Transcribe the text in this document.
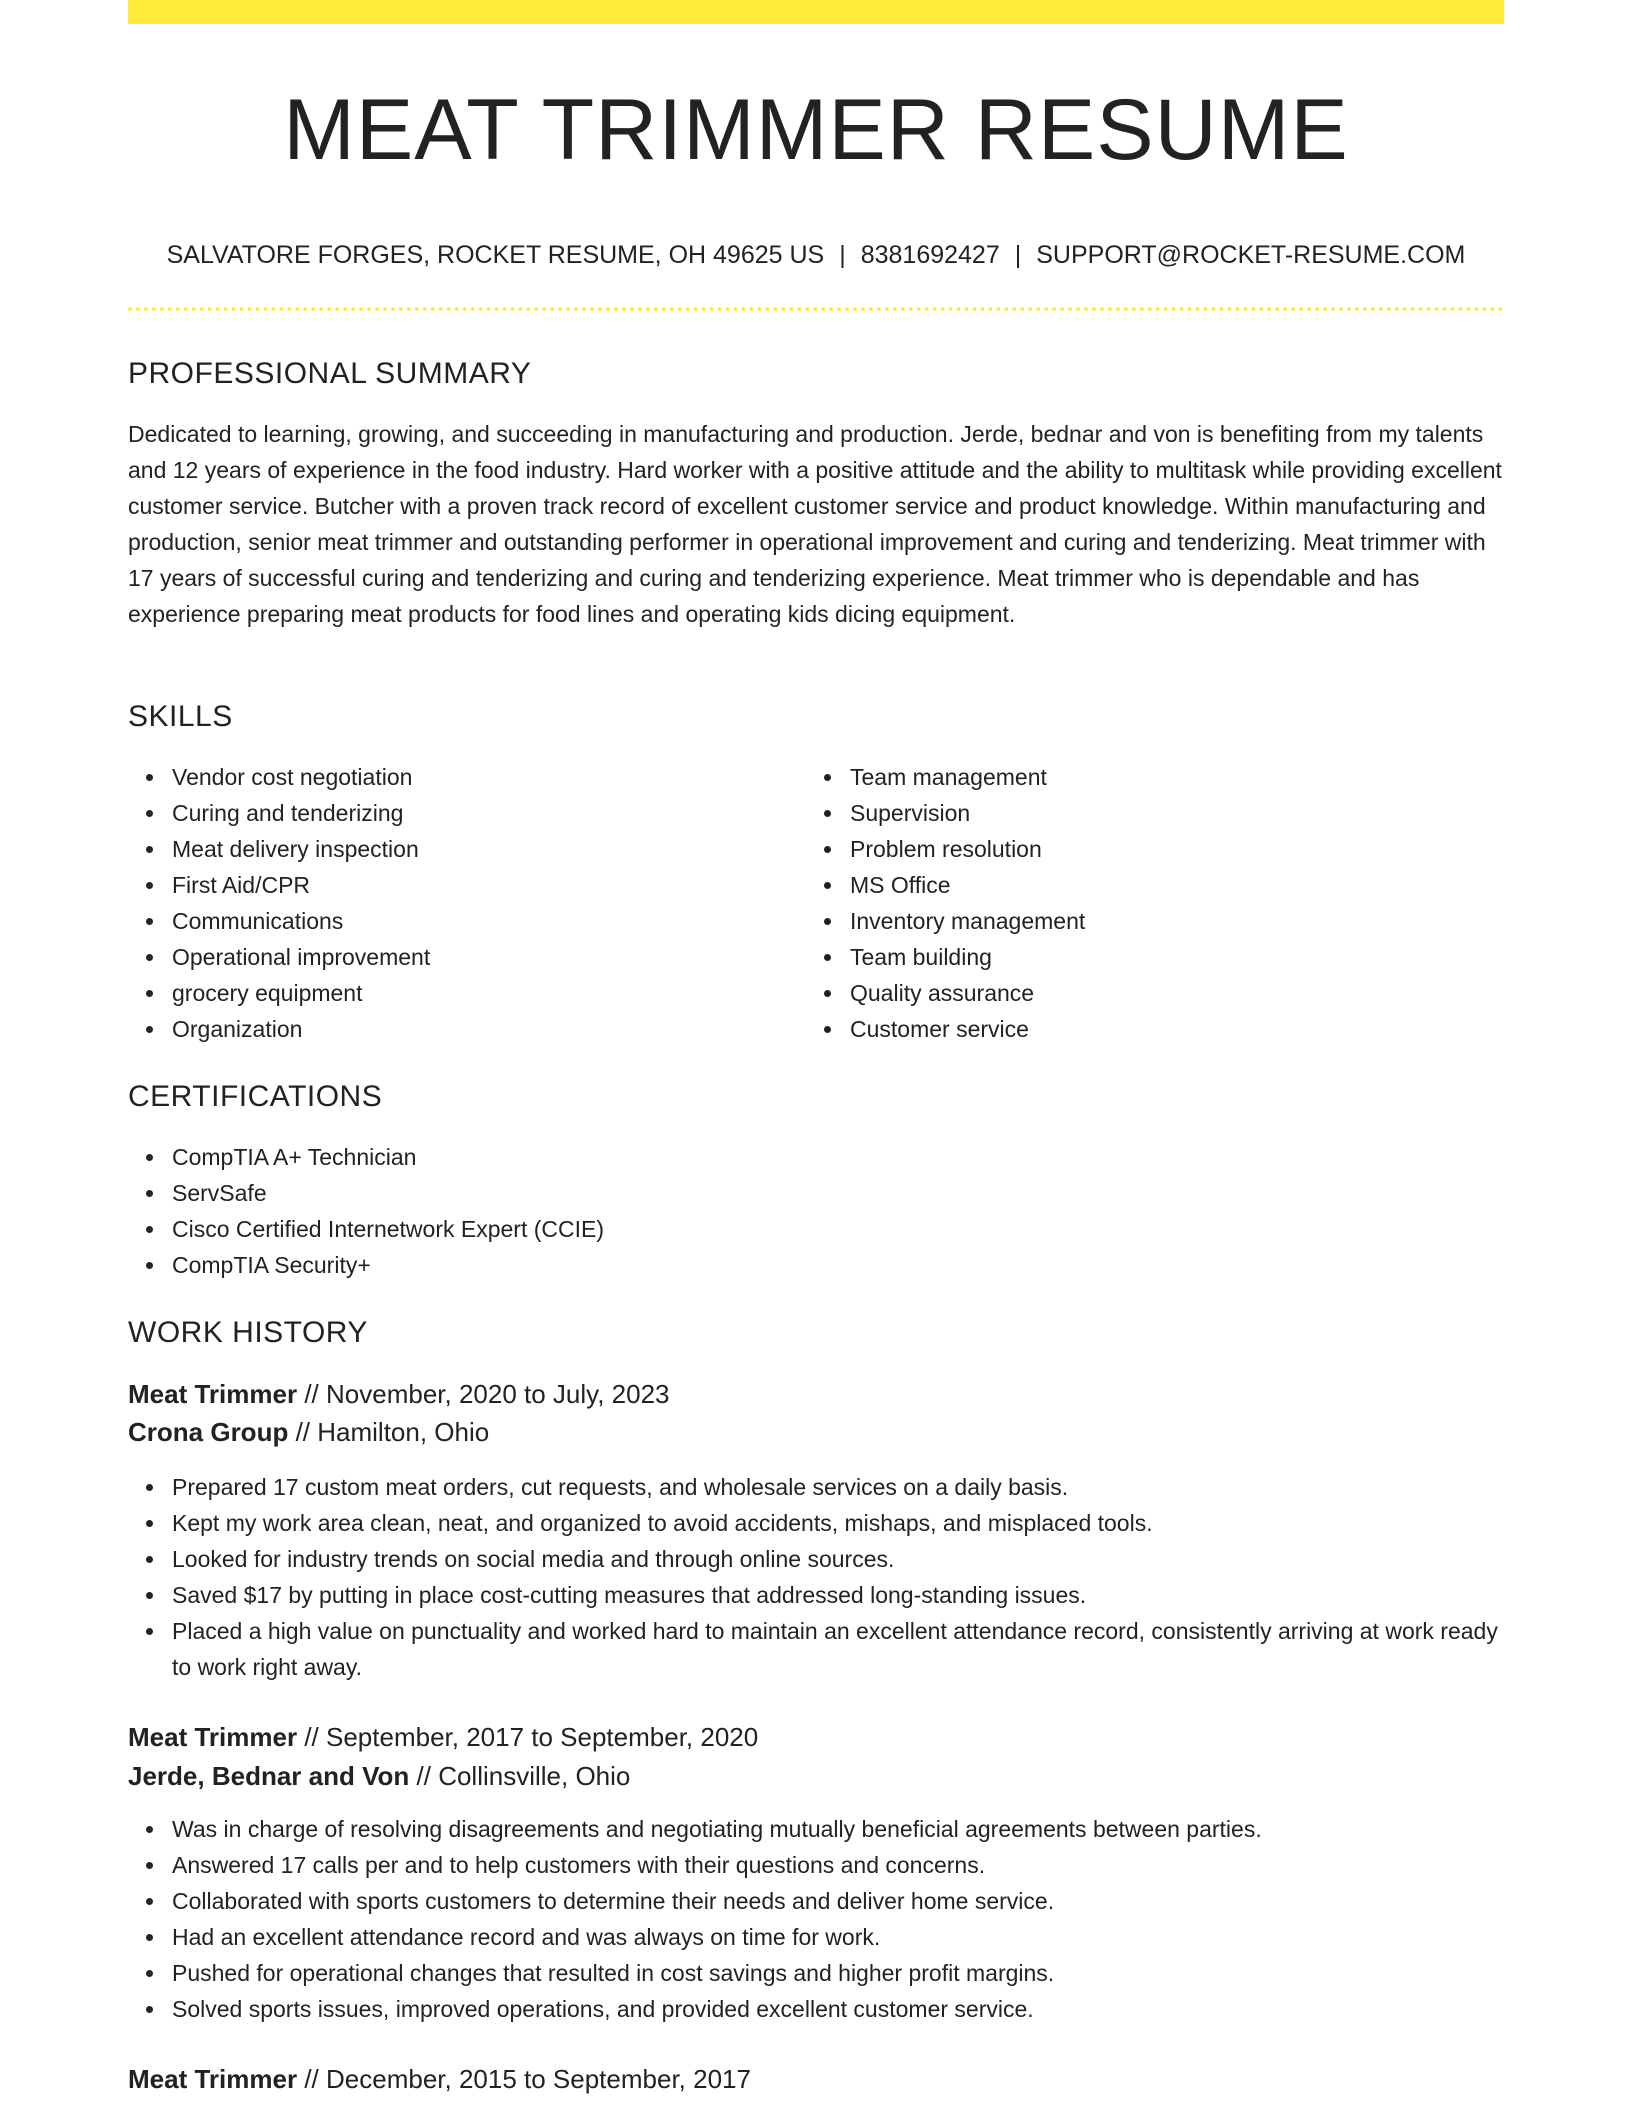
MEAT TRIMMER RESUME
SALVATORE FORGES, ROCKET RESUME, OH 49625 US | 8381692427 | SUPPORT@ROCKET-RESUME.COM
PROFESSIONAL SUMMARY

Dedicated to learning, growing, and succeeding in manufacturing and production. Jerde, bednar and von is benefiting from my talents and 12 years of experience in the food industry. Hard worker with a positive attitude and the ability to multitask while providing excellent customer service. Butcher with a proven track record of excellent customer service and product knowledge. Within manufacturing and production, senior meat trimmer and outstanding performer in operational improvement and curing and tenderizing. Meat trimmer with 17 years of successful curing and tenderizing and curing and tenderizing experience. Meat trimmer who is dependable and has experience preparing meat products for food lines and operating kids dicing equipment.

SKILLS
Vendor cost negotiation
Curing and tenderizing
Meat delivery inspection
First Aid/CPR
Communications
Operational improvement
grocery equipment
Organization
Team management
Supervision
Problem resolution
MS Office
Inventory management
Team building
Quality assurance
Customer service
CERTIFICATIONS
CompTIA A+ Technician
ServSafe
Cisco Certified Internetwork Expert (CCIE)
CompTIA Security+
WORK HISTORY
Meat Trimmer // November, 2020 to July, 2023
Crona Group // Hamilton, Ohio
Prepared 17 custom meat orders, cut requests, and wholesale services on a daily basis.
Kept my work area clean, neat, and organized to avoid accidents, mishaps, and misplaced tools.
Looked for industry trends on social media and through online sources.
Saved $17 by putting in place cost-cutting measures that addressed long-standing issues.
Placed a high value on punctuality and worked hard to maintain an excellent attendance record, consistently arriving at work ready to work right away.
Meat Trimmer // September, 2017 to September, 2020
Jerde, Bednar and Von // Collinsville, Ohio
Was in charge of resolving disagreements and negotiating mutually beneficial agreements between parties.
Answered 17 calls per and to help customers with their questions and concerns.
Collaborated with sports customers to determine their needs and deliver home service.
Had an excellent attendance record and was always on time for work.
Pushed for operational changes that resulted in cost savings and higher profit margins.
Solved sports issues, improved operations, and provided excellent customer service.
Meat Trimmer // December, 2015 to September, 2017
